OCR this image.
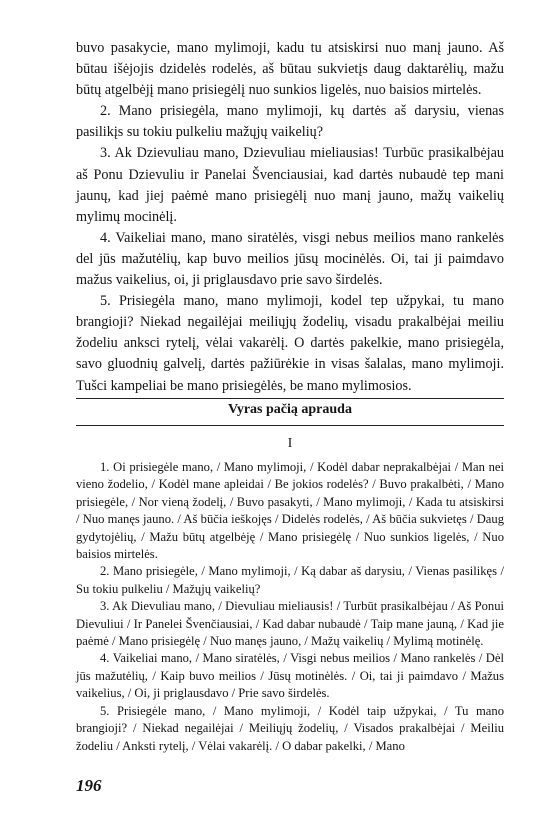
buvo pasakycie, mano mylimoji, kadu tu atsiskirsi nuo manį jauno. Aš būtau išėjojis dzidelės rodelės, aš būtau sukvietįs daug daktarėlių, mažu būtų atgelbėjį mano prisiegėlį nuo sunkios ligelės, nuo baisios mirtelės.

2. Mano prisiegėla, mano mylimoji, kų dartės aš darysiu, vienas pasilikįs su tokiu pulkeliu mažųjų vaikelių?

3. Ak Dzievuliau mano, Dzievuliau mieliausias! Turbūc prasikalbėjau aš Ponu Dzievuliu ir Panelai Švenciausiai, kad dartės nubaudė tep mani jaunų, kad jiej paėmė mano prisiegėlį nuo manį jauno, mažų vaikelių mylimų mocinėlį.

4. Vaikeliai mano, mano siratėlės, visgi nebus meilios mano rankelės del jūs mažutėlių, kap buvo meilios jūsų mocinėlės. Oi, tai ji paimdavo mažus vaikelius, oi, ji priglausdavo prie savo širdelės.

5. Prisiegėla mano, mano mylimoji, kodel tep užpykai, tu mano brangioji? Niekad negailėjai meiliųjų žodelių, visadu prakalbėjai meiliu žodeliu anksci rytelį, vėlai vakarėlį. O dartės pakelkie, mano prisiegėla, savo gluodnių galvelį, dartės pažiūrėkie in visas šalalas, mano mylimoji. Tušci kampeliai be mano prisiegėlės, be mano mylimosios.

Vyras pačią aprauda
I

1. Oi prisiegėle mano, / Mano mylimoji, / Kodėl dabar neprakalbėjai / Man nei vieno žodelio, / Kodėl mane apleidai / Be jokios rodelės? / Buvo prakalbėti, / Mano prisiegėle, / Nor vieną žodelį, / Buvo pasakyti, / Mano mylimoji, / Kada tu atsiskirsi / Nuo manęs jauno. / Aš būčia ieškojęs / Didelės rodelės, / Aš būčia sukvietęs / Daug gydytojėlių, / Mažu būtų atgelbėję / Mano prisiegėlę / Nuo sunkios ligelės, / Nuo baisios mirtelės.

2. Mano prisiegėle, / Mano mylimoji, / Ką dabar aš darysiu, / Vienas pasilikęs / Su tokiu pulkeliu / Mažųjų vaikelių?

3. Ak Dievuliau mano, / Dievuliau mieliausis! / Turbūt prasikalbėjau / Aš Ponui Dievuliui / Ir Panelei Švenčiausiai, / Kad dabar nubaudė / Taip mane jauną, / Kad jie paėmė / Mano prisiegėlę / Nuo manęs jauno, / Mažų vaikelių / Mylimą motinėlę.

4. Vaikeliai mano, / Mano siratėlės, / Visgi nebus meilios / Mano rankelės / Dėl jūs mažutėlių, / Kaip buvo meilios / Jūsų motinėlės. / Oi, tai ji paimdavo / Mažus vaikelius, / Oi, ji priglausdavo / Prie savo širdelės.

5. Prisiegėle mano, / Mano mylimoji, / Kodėl taip užpykai, / Tu mano brangioji? / Niekad negailėjai / Meiliųjų žodelių, / Visados prakalbėjai / Meiliu žodeliu / Anksti rytelį, / Vėlai vakarėlį. / O dabar pakelki, / Mano

196
